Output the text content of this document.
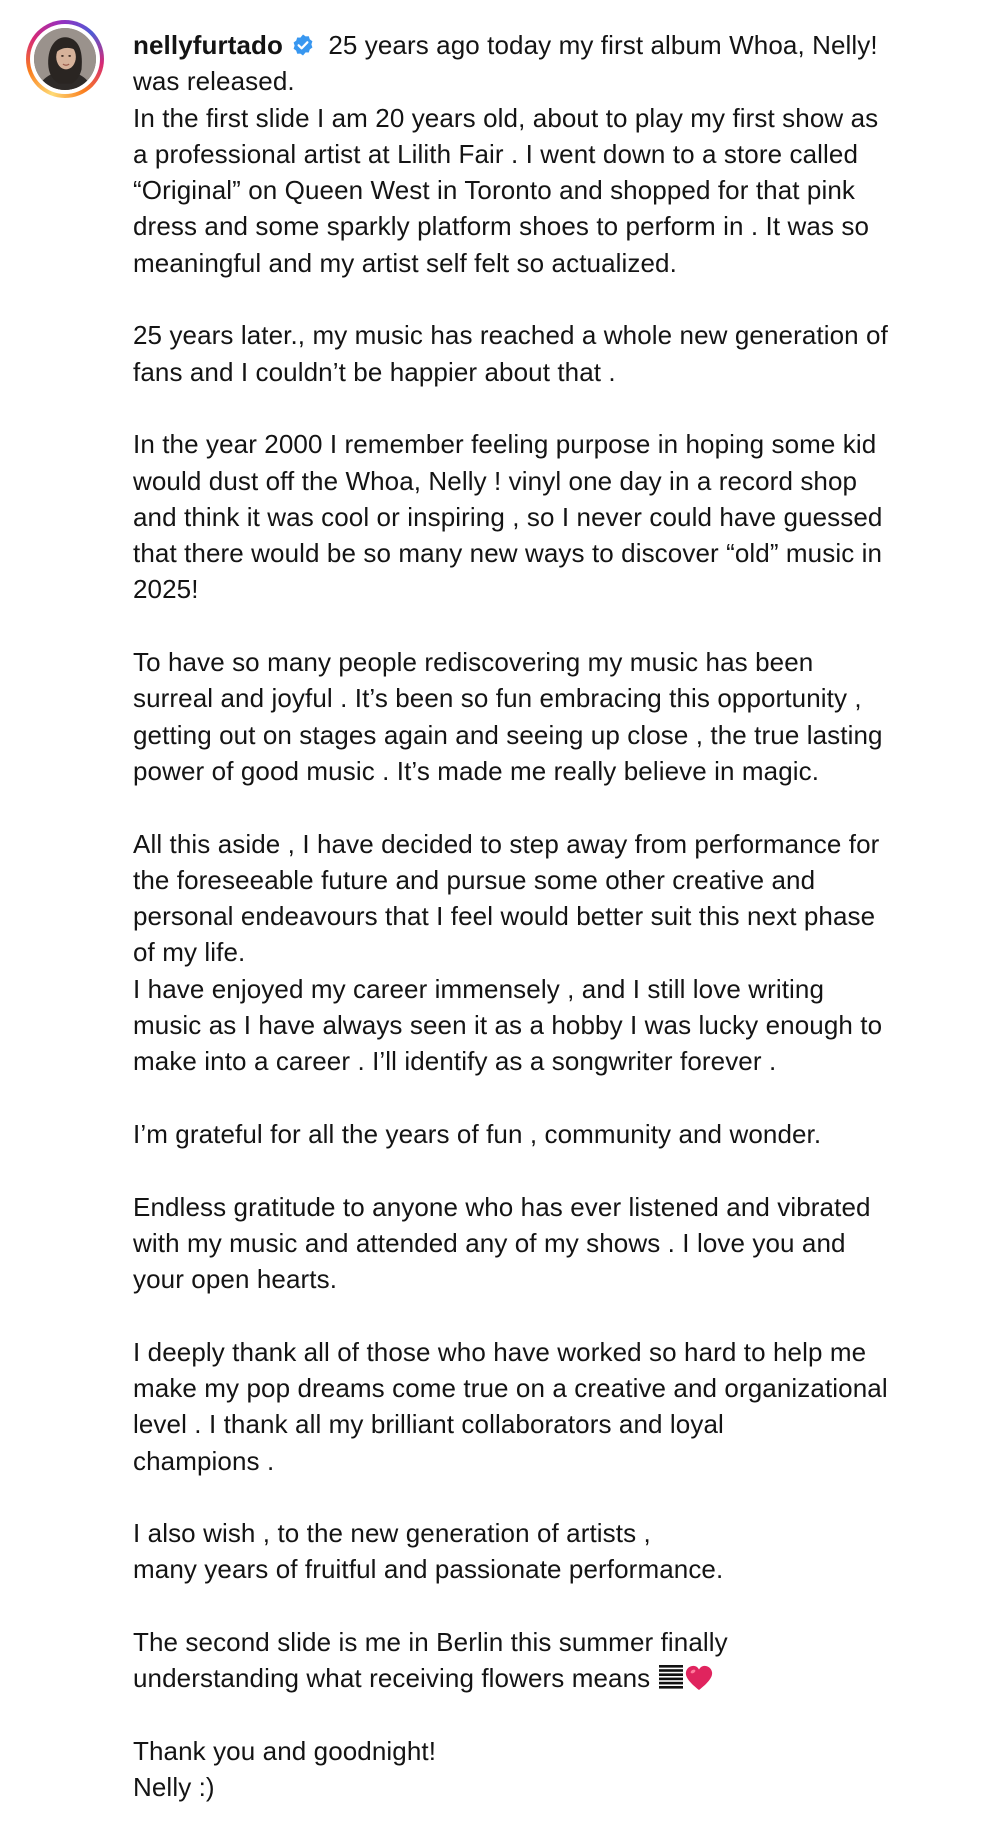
nellyfurtado
25 years ago today my first album Whoa, Nelly!
was released.
In the first slide I am 20 years old, about to play my first show as
a professional artist at Lilith Fair . I went down to a store called
“Original” on Queen West in Toronto and shopped for that pink
dress and some sparkly platform shoes to perform in . It was so
meaningful and my artist self felt so actualized.
25 years later., my music has reached a whole new generation of
fans and I couldn’t be happier about that .
In the year 2000 I remember feeling purpose in hoping some kid
would dust off the Whoa, Nelly ! vinyl one day in a record shop
and think it was cool or inspiring , so I never could have guessed
that there would be so many new ways to discover “old” music in
2025!
To have so many people rediscovering my music has been
surreal and joyful . It’s been so fun embracing this opportunity ,
getting out on stages again and seeing up close , the true lasting
power of good music . It’s made me really believe in magic.
All this aside , I have decided to step away from performance for
the foreseeable future and pursue some other creative and
personal endeavours that I feel would better suit this next phase
of my life.
I have enjoyed my career immensely , and I still love writing
music as I have always seen it as a hobby I was lucky enough to
make into a career . I’ll identify as a songwriter forever .
I’m grateful for all the years of fun , community and wonder.
Endless gratitude to anyone who has ever listened and vibrated
with my music and attended any of my shows . I love you and
your open hearts.
I deeply thank all of those who have worked so hard to help me
make my pop dreams come true on a creative and organizational
level . I thank all my brilliant collaborators and loyal
champions .
I also wish , to the new generation of artists ,
many years of fruitful and passionate performance.
The second slide is me in Berlin this summer finally
understanding what receiving flowers means
Thank you and goodnight!
Nelly :)
